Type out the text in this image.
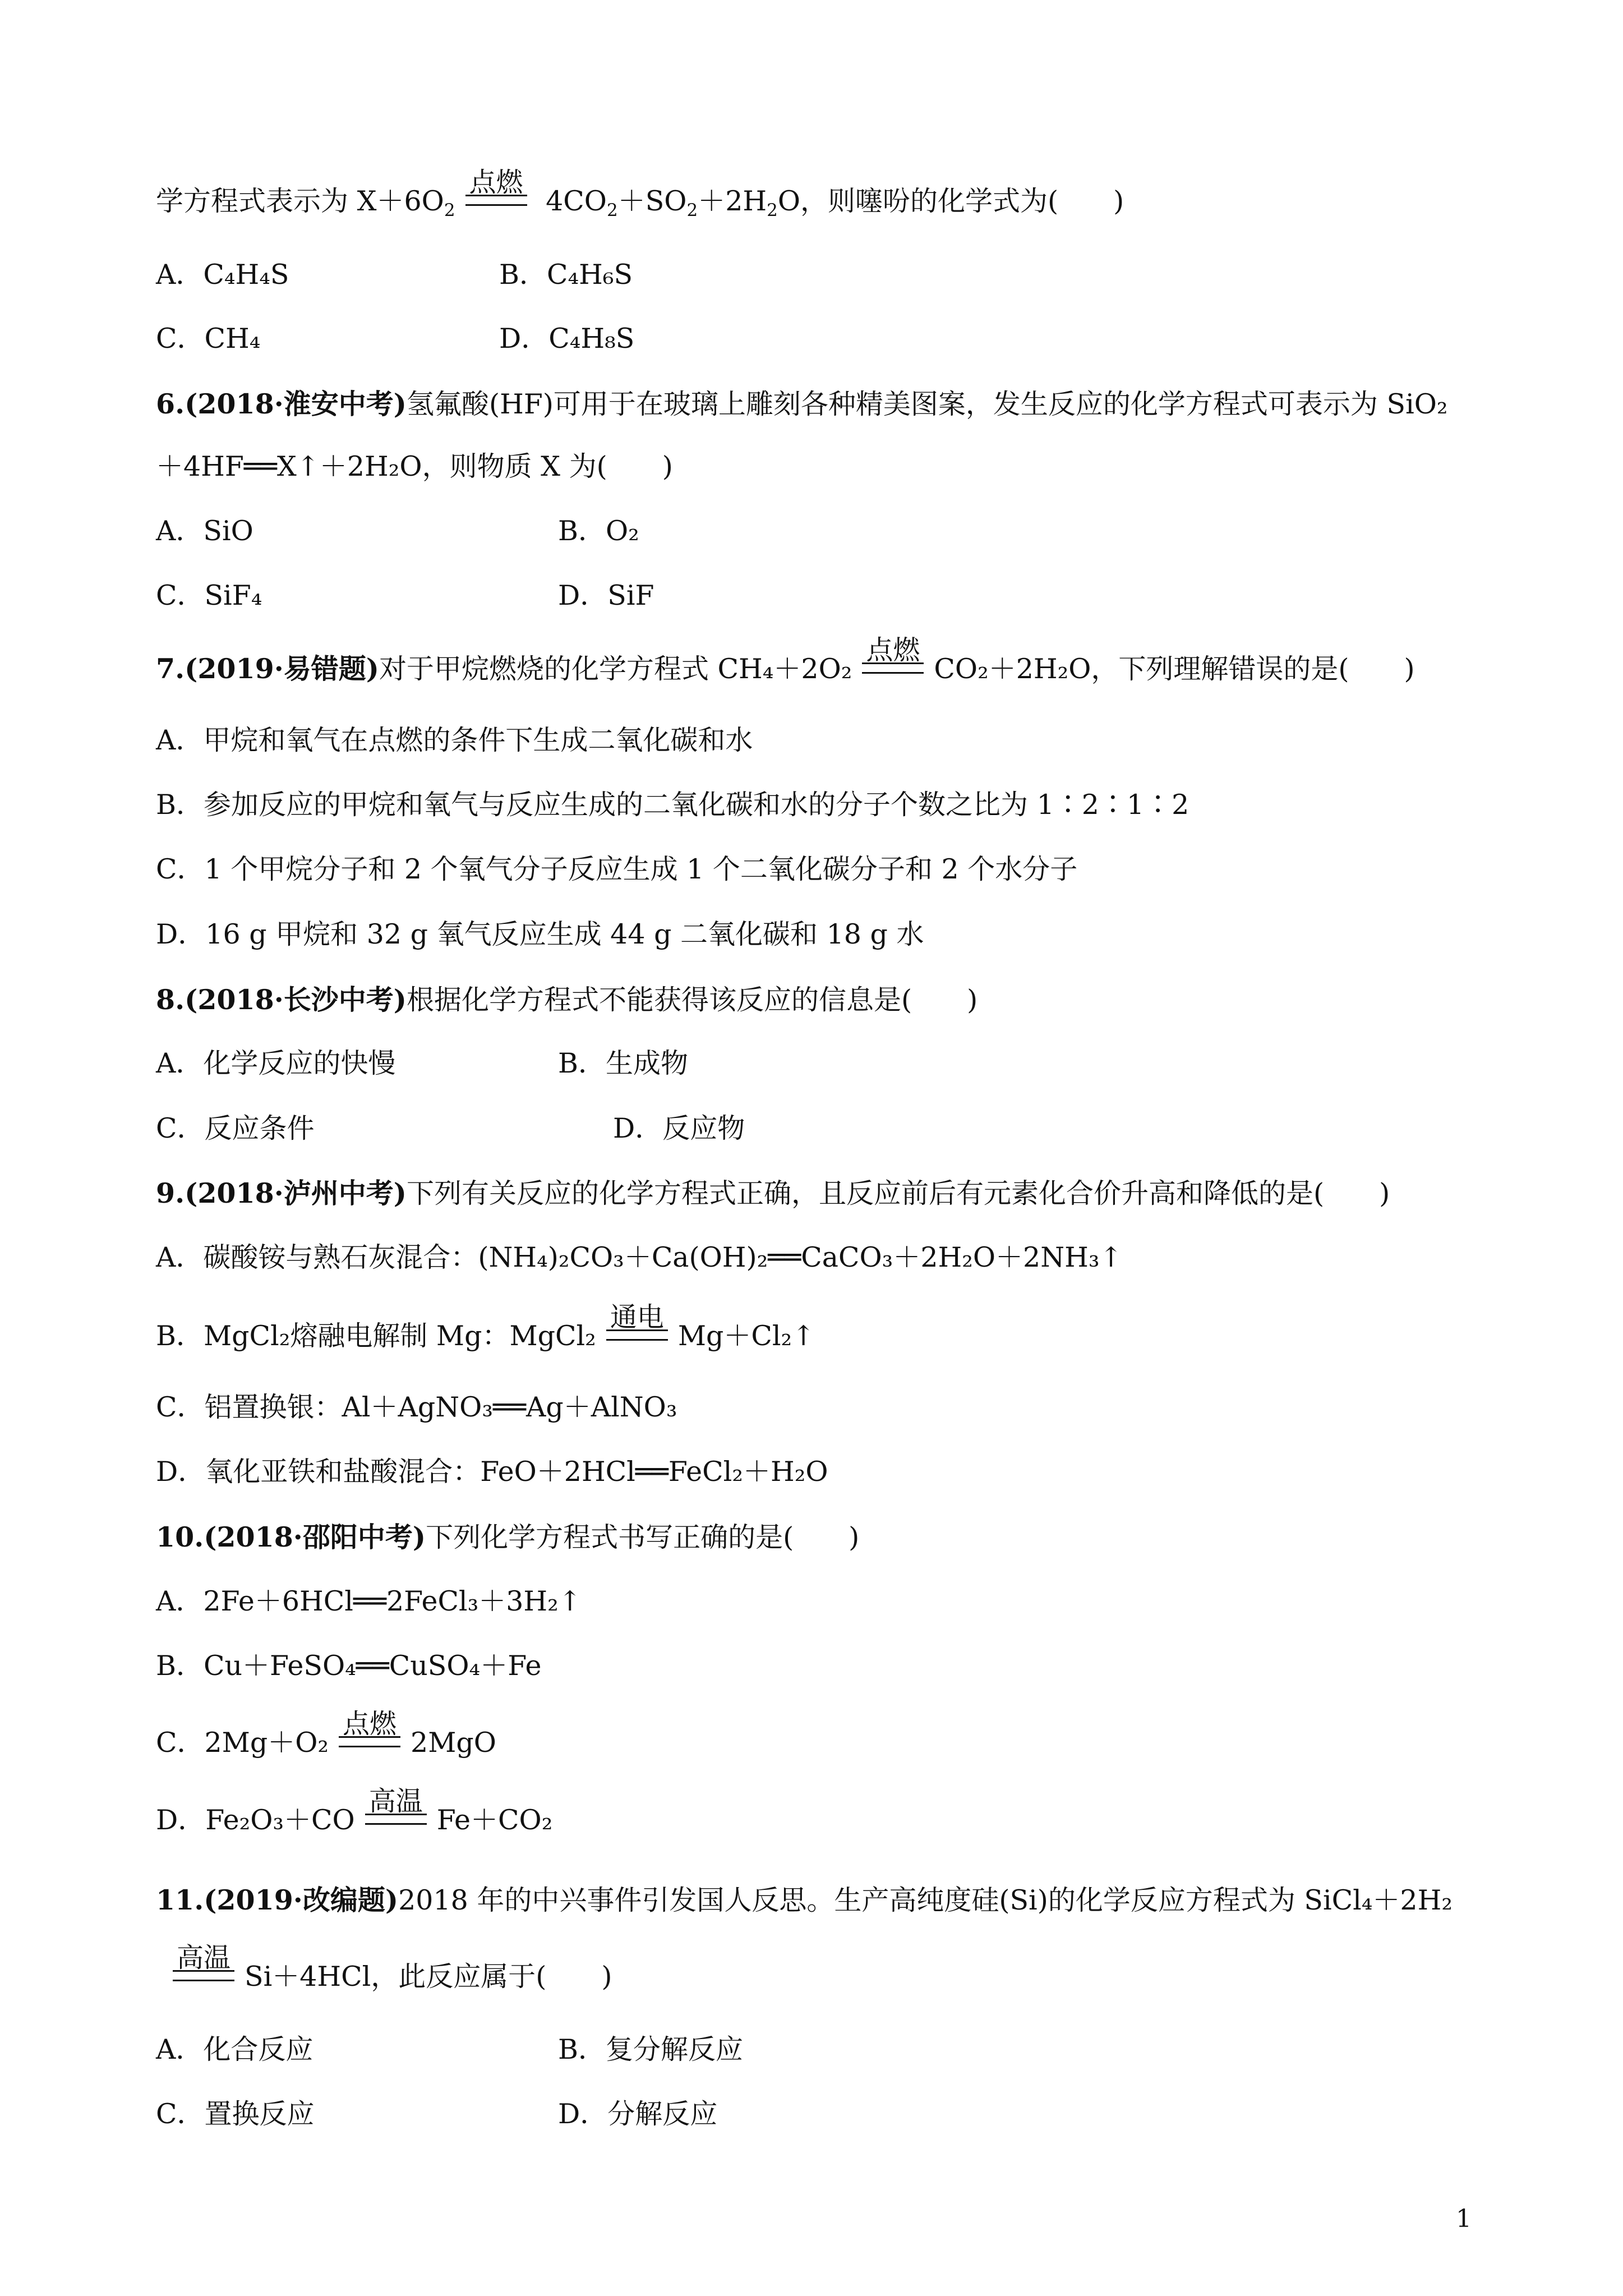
学方程式表示为 $X+6O_2$
点燃
$4CO_2+SO_2+2H_2O$，则噻吩的化学式为(　　)
A．C₄H₄S	B．C₄H₆S
C．CH₄	D．C₄H₈S
6.(2018·淮安中考)氢氟酸(HF)可用于在玻璃上雕刻各种精美图案，发生反应的化学方程式可表示为 SiO₂
＋4HF══X↑＋2H₂O，则物质 X 为(　　)
A．SiO	B．O₂
C．SiF₄	D．SiF
7.(2019·易错题)对于甲烷燃烧的化学方程式 CH₄＋2O₂
点燃
CO₂＋2H₂O，下列理解错误的是(　　)
A．甲烷和氧气在点燃的条件下生成二氧化碳和水
B．参加反应的甲烷和氧气与反应生成的二氧化碳和水的分子个数之比为 1∶2∶1∶2
C．1 个甲烷分子和 2 个氧气分子反应生成 1 个二氧化碳分子和 2 个水分子
D．16 g 甲烷和 32 g 氧气反应生成 44 g 二氧化碳和 18 g 水
8.(2018·长沙中考)根据化学方程式不能获得该反应的信息是(　　)
A．化学反应的快慢	B．生成物
C．反应条件	D．反应物
9.(2018·泸州中考)下列有关反应的化学方程式正确，且反应前后有元素化合价升高和降低的是(　　)
A．碳酸铵与熟石灰混合：(NH₄)₂CO₃＋Ca(OH)₂══CaCO₃＋2H₂O＋2NH₃↑
B．MgCl₂熔融电解制 Mg：MgCl₂
通电
Mg＋Cl₂↑
C．铝置换银：Al＋AgNO₃══Ag＋AlNO₃
D．氧化亚铁和盐酸混合：FeO＋2HCl══FeCl₂＋H₂O
10.(2018·邵阳中考)下列化学方程式书写正确的是(　　)
A．2Fe＋6HCl══2FeCl₃＋3H₂↑
B．Cu＋FeSO₄══CuSO₄＋Fe
C．2Mg＋O₂
点燃
2MgO
D．Fe₂O₃＋CO
高温
Fe＋CO₂
11.(2019·改编题)2018 年的中兴事件引发国人反思。生产高纯度硅(Si)的化学反应方程式为 SiCl₄＋2H₂
高温
Si＋4HCl，此反应属于(　　)
A．化合反应	B．复分解反应
C．置换反应	D．分解反应
1
